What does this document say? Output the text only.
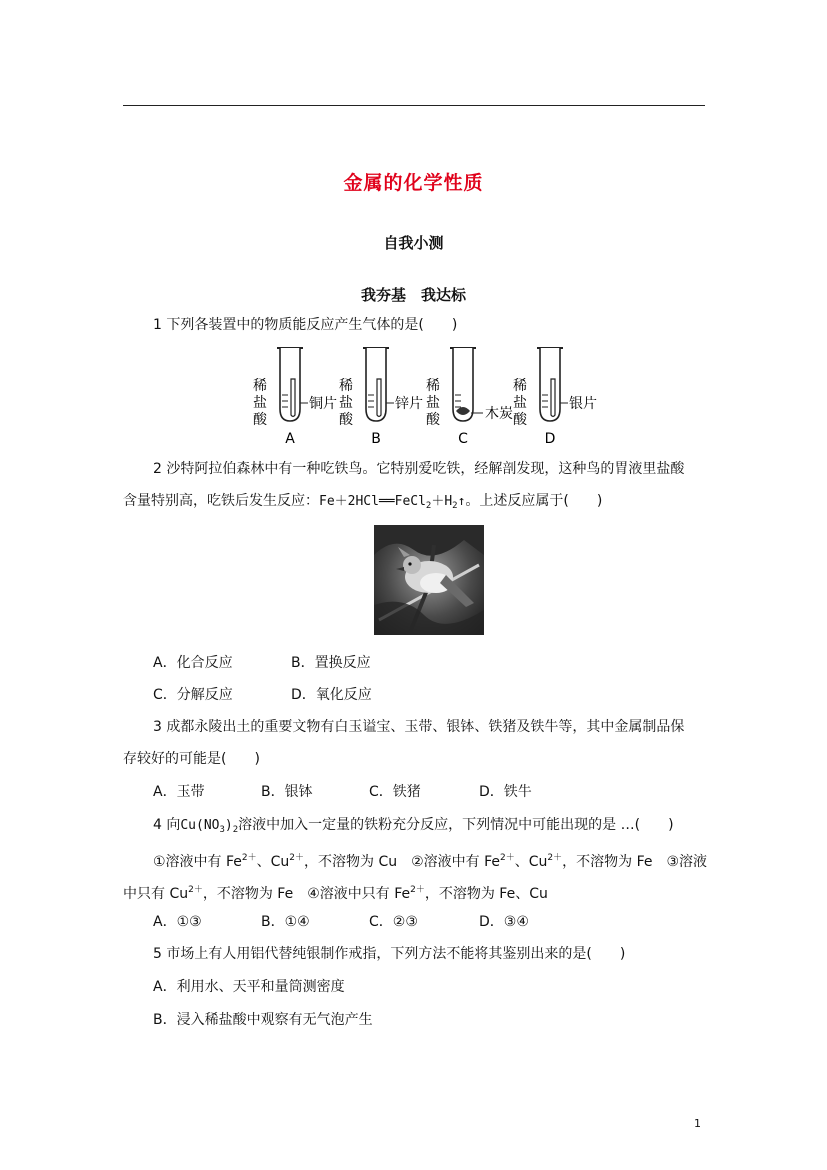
金属的化学性质
自我小测
我夯基　我达标
1 下列各装置中的物质能反应产生气体的是(　　)
稀
盐
酸
铜片
A
稀
盐
酸
锌片
B
稀
盐
酸	木炭
C
稀
盐
酸
银片
D
2 沙特阿拉伯森林中有一种吃铁鸟。它特别爱吃铁，经解剖发现，这种鸟的胃液里盐酸
含量特别高，吃铁后发生反应：$Fe+2HCl══FeCl_2+H_2↑$。上述反应属于(　　)
A．化合反应	B．置换反应
C．分解反应	D．氧化反应
3 成都永陵出土的重要文物有白玉谥宝、玉带、银钵、铁猪及铁牛等，其中金属制品保
存较好的可能是(　　)
A．玉带	B．银钵	C．铁猪	D．铁牛
4 向$Cu(NO_3)_2$溶液中加入一定量的铁粉充分反应，下列情况中可能出现的是 …(　　)
①溶液中有 $Fe^{2+}$、$Cu^{2+}$，不溶物为 Cu　②溶液中有 $Fe^{2+}$、$Cu^{2+}$，不溶物为 Fe　③溶液
中只有 $Cu^{2+}$，不溶物为 Fe　④溶液中只有 $Fe^{2+}$，不溶物为 Fe、Cu
A．①③	B．①④	C．②③	D．③④
5 市场上有人用铝代替纯银制作戒指，下列方法不能将其鉴别出来的是(　　)
A．利用水、天平和量筒测密度
B．浸入稀盐酸中观察有无气泡产生
1
